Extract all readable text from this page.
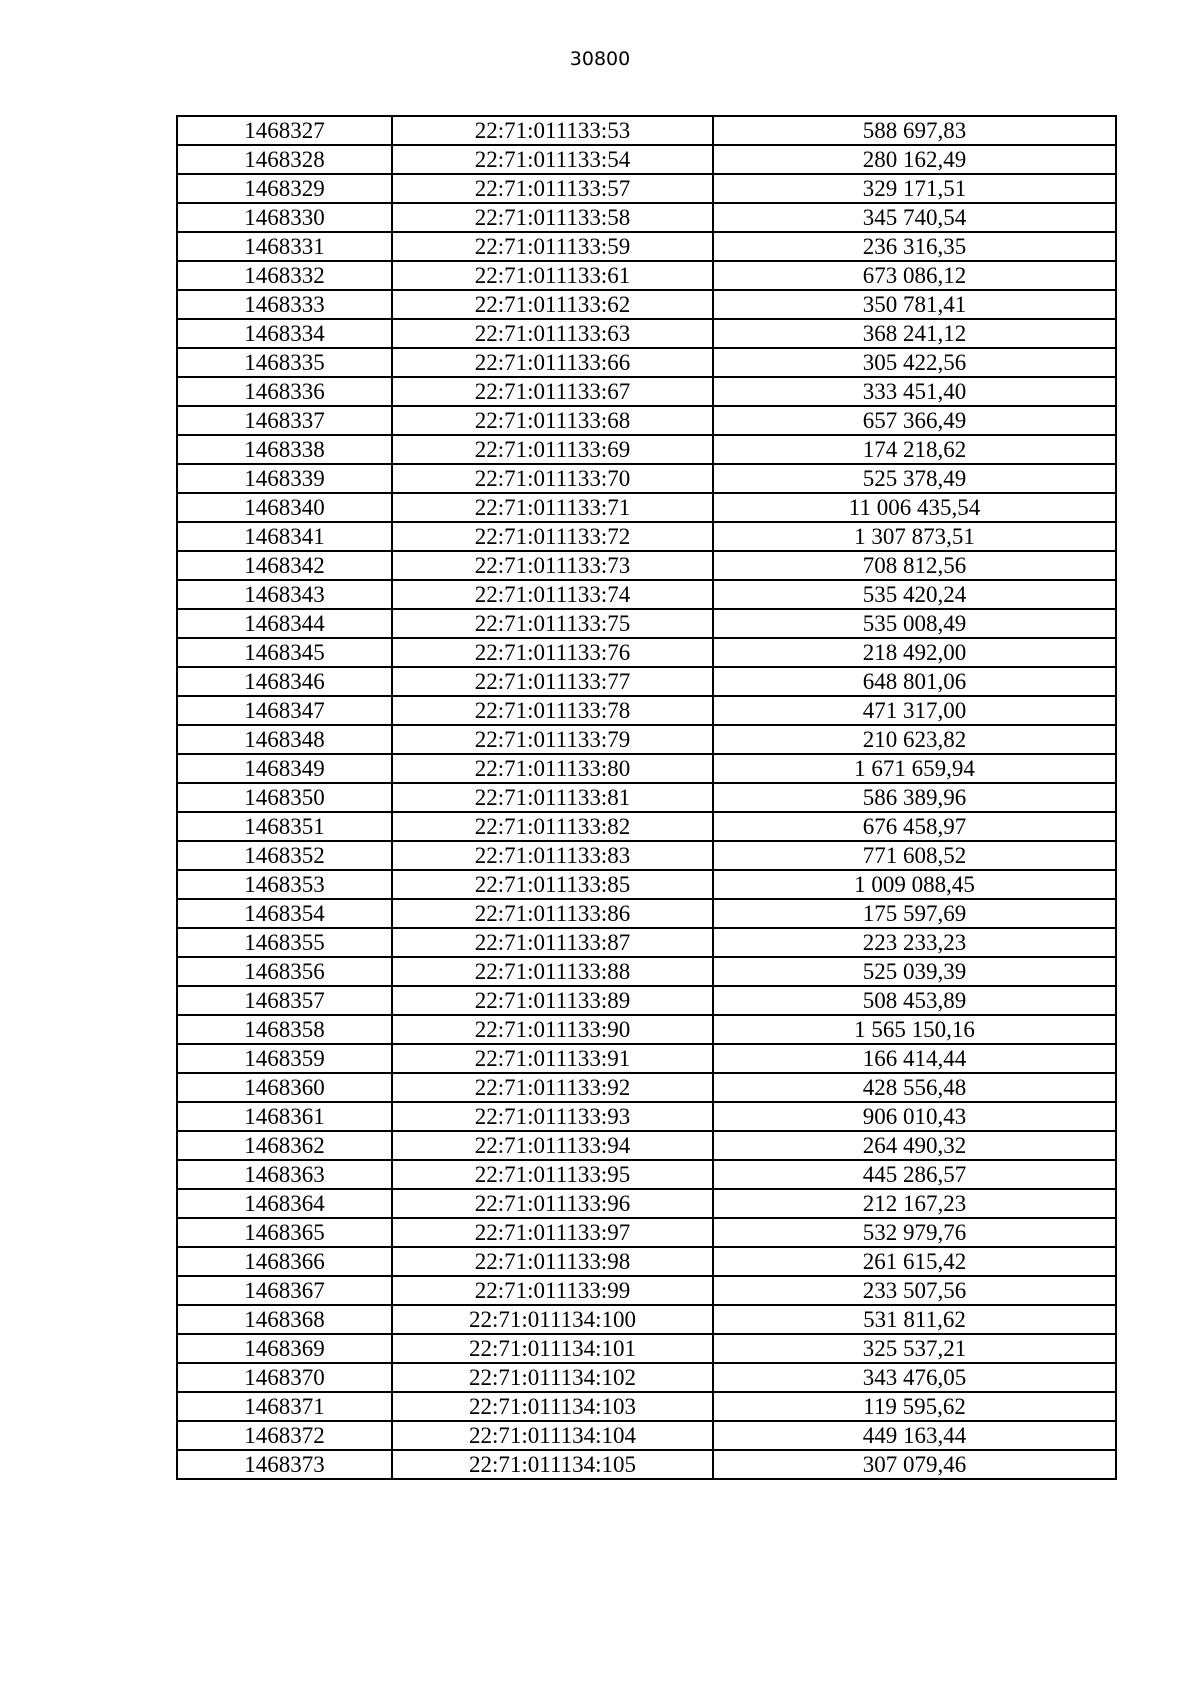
30800
1468327	22:71:011133:53	588 697,83
1468328	22:71:011133:54	280 162,49
1468329	22:71:011133:57	329 171,51
1468330	22:71:011133:58	345 740,54
1468331	22:71:011133:59	236 316,35
1468332	22:71:011133:61	673 086,12
1468333	22:71:011133:62	350 781,41
1468334	22:71:011133:63	368 241,12
1468335	22:71:011133:66	305 422,56
1468336	22:71:011133:67	333 451,40
1468337	22:71:011133:68	657 366,49
1468338	22:71:011133:69	174 218,62
1468339	22:71:011133:70	525 378,49
1468340	22:71:011133:71	11 006 435,54
1468341	22:71:011133:72	1 307 873,51
1468342	22:71:011133:73	708 812,56
1468343	22:71:011133:74	535 420,24
1468344	22:71:011133:75	535 008,49
1468345	22:71:011133:76	218 492,00
1468346	22:71:011133:77	648 801,06
1468347	22:71:011133:78	471 317,00
1468348	22:71:011133:79	210 623,82
1468349	22:71:011133:80	1 671 659,94
1468350	22:71:011133:81	586 389,96
1468351	22:71:011133:82	676 458,97
1468352	22:71:011133:83	771 608,52
1468353	22:71:011133:85	1 009 088,45
1468354	22:71:011133:86	175 597,69
1468355	22:71:011133:87	223 233,23
1468356	22:71:011133:88	525 039,39
1468357	22:71:011133:89	508 453,89
1468358	22:71:011133:90	1 565 150,16
1468359	22:71:011133:91	166 414,44
1468360	22:71:011133:92	428 556,48
1468361	22:71:011133:93	906 010,43
1468362	22:71:011133:94	264 490,32
1468363	22:71:011133:95	445 286,57
1468364	22:71:011133:96	212 167,23
1468365	22:71:011133:97	532 979,76
1468366	22:71:011133:98	261 615,42
1468367	22:71:011133:99	233 507,56
1468368	22:71:011134:100	531 811,62
1468369	22:71:011134:101	325 537,21
1468370	22:71:011134:102	343 476,05
1468371	22:71:011134:103	119 595,62
1468372	22:71:011134:104	449 163,44
1468373	22:71:011134:105	307 079,46
